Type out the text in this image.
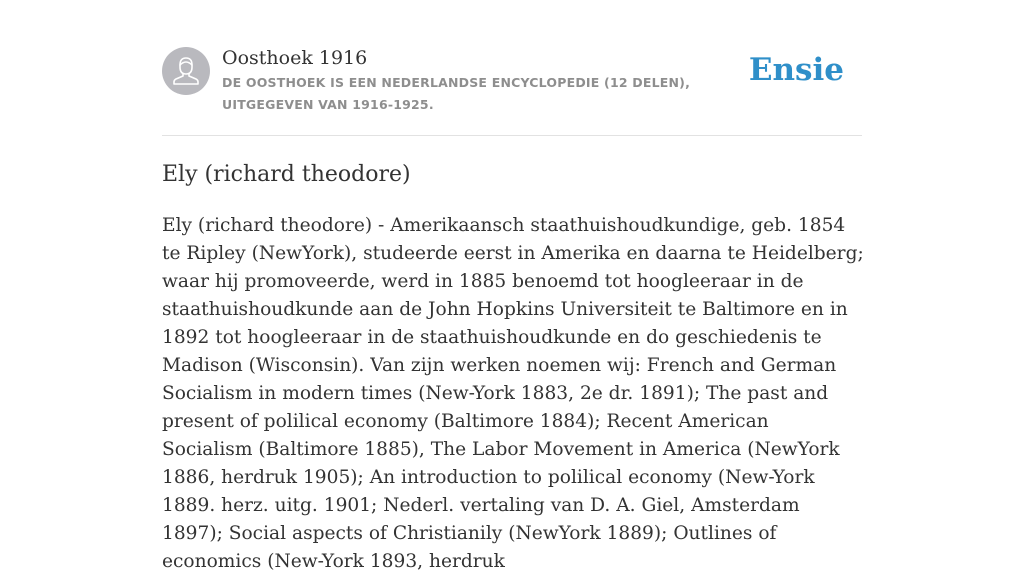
Oosthoek 1916
DE OOSTHOEK IS EEN NEDERLANDSE ENCYCLOPEDIE (12 DELEN), UITGEGEVEN VAN 1916-1925.
Ensie
Ely (richard theodore)

Ely (richard theodore) - Amerikaansch staathuishoudkundige, geb. 1854 te Ripley (NewYork), studeerde eerst in Amerika en daarna te Heidelberg; waar hij promoveerde, werd in 1885 benoemd tot hoogleeraar in de staathuishoudkunde aan de John Hopkins Universiteit te Baltimore en in 1892 tot hoogleeraar in de staathuishoudkunde en do geschiedenis te Madison (Wisconsin). Van zijn werken noemen wij: French and German Socialism in modern times (New-York 1883, 2e dr. 1891); The past and present of polilical economy (Baltimore 1884); Recent American Socialism (Baltimore 1885), The Labor Movement in America (NewYork 1886, herdruk 1905); An introduction to polilical economy (New-York 1889. herz. uitg. 1901; Nederl. vertaling van D. A. Giel, Amsterdam 1897); Social aspects of Christianily (NewYork 1889); Outlines of economics (New-York 1893, herdruk
